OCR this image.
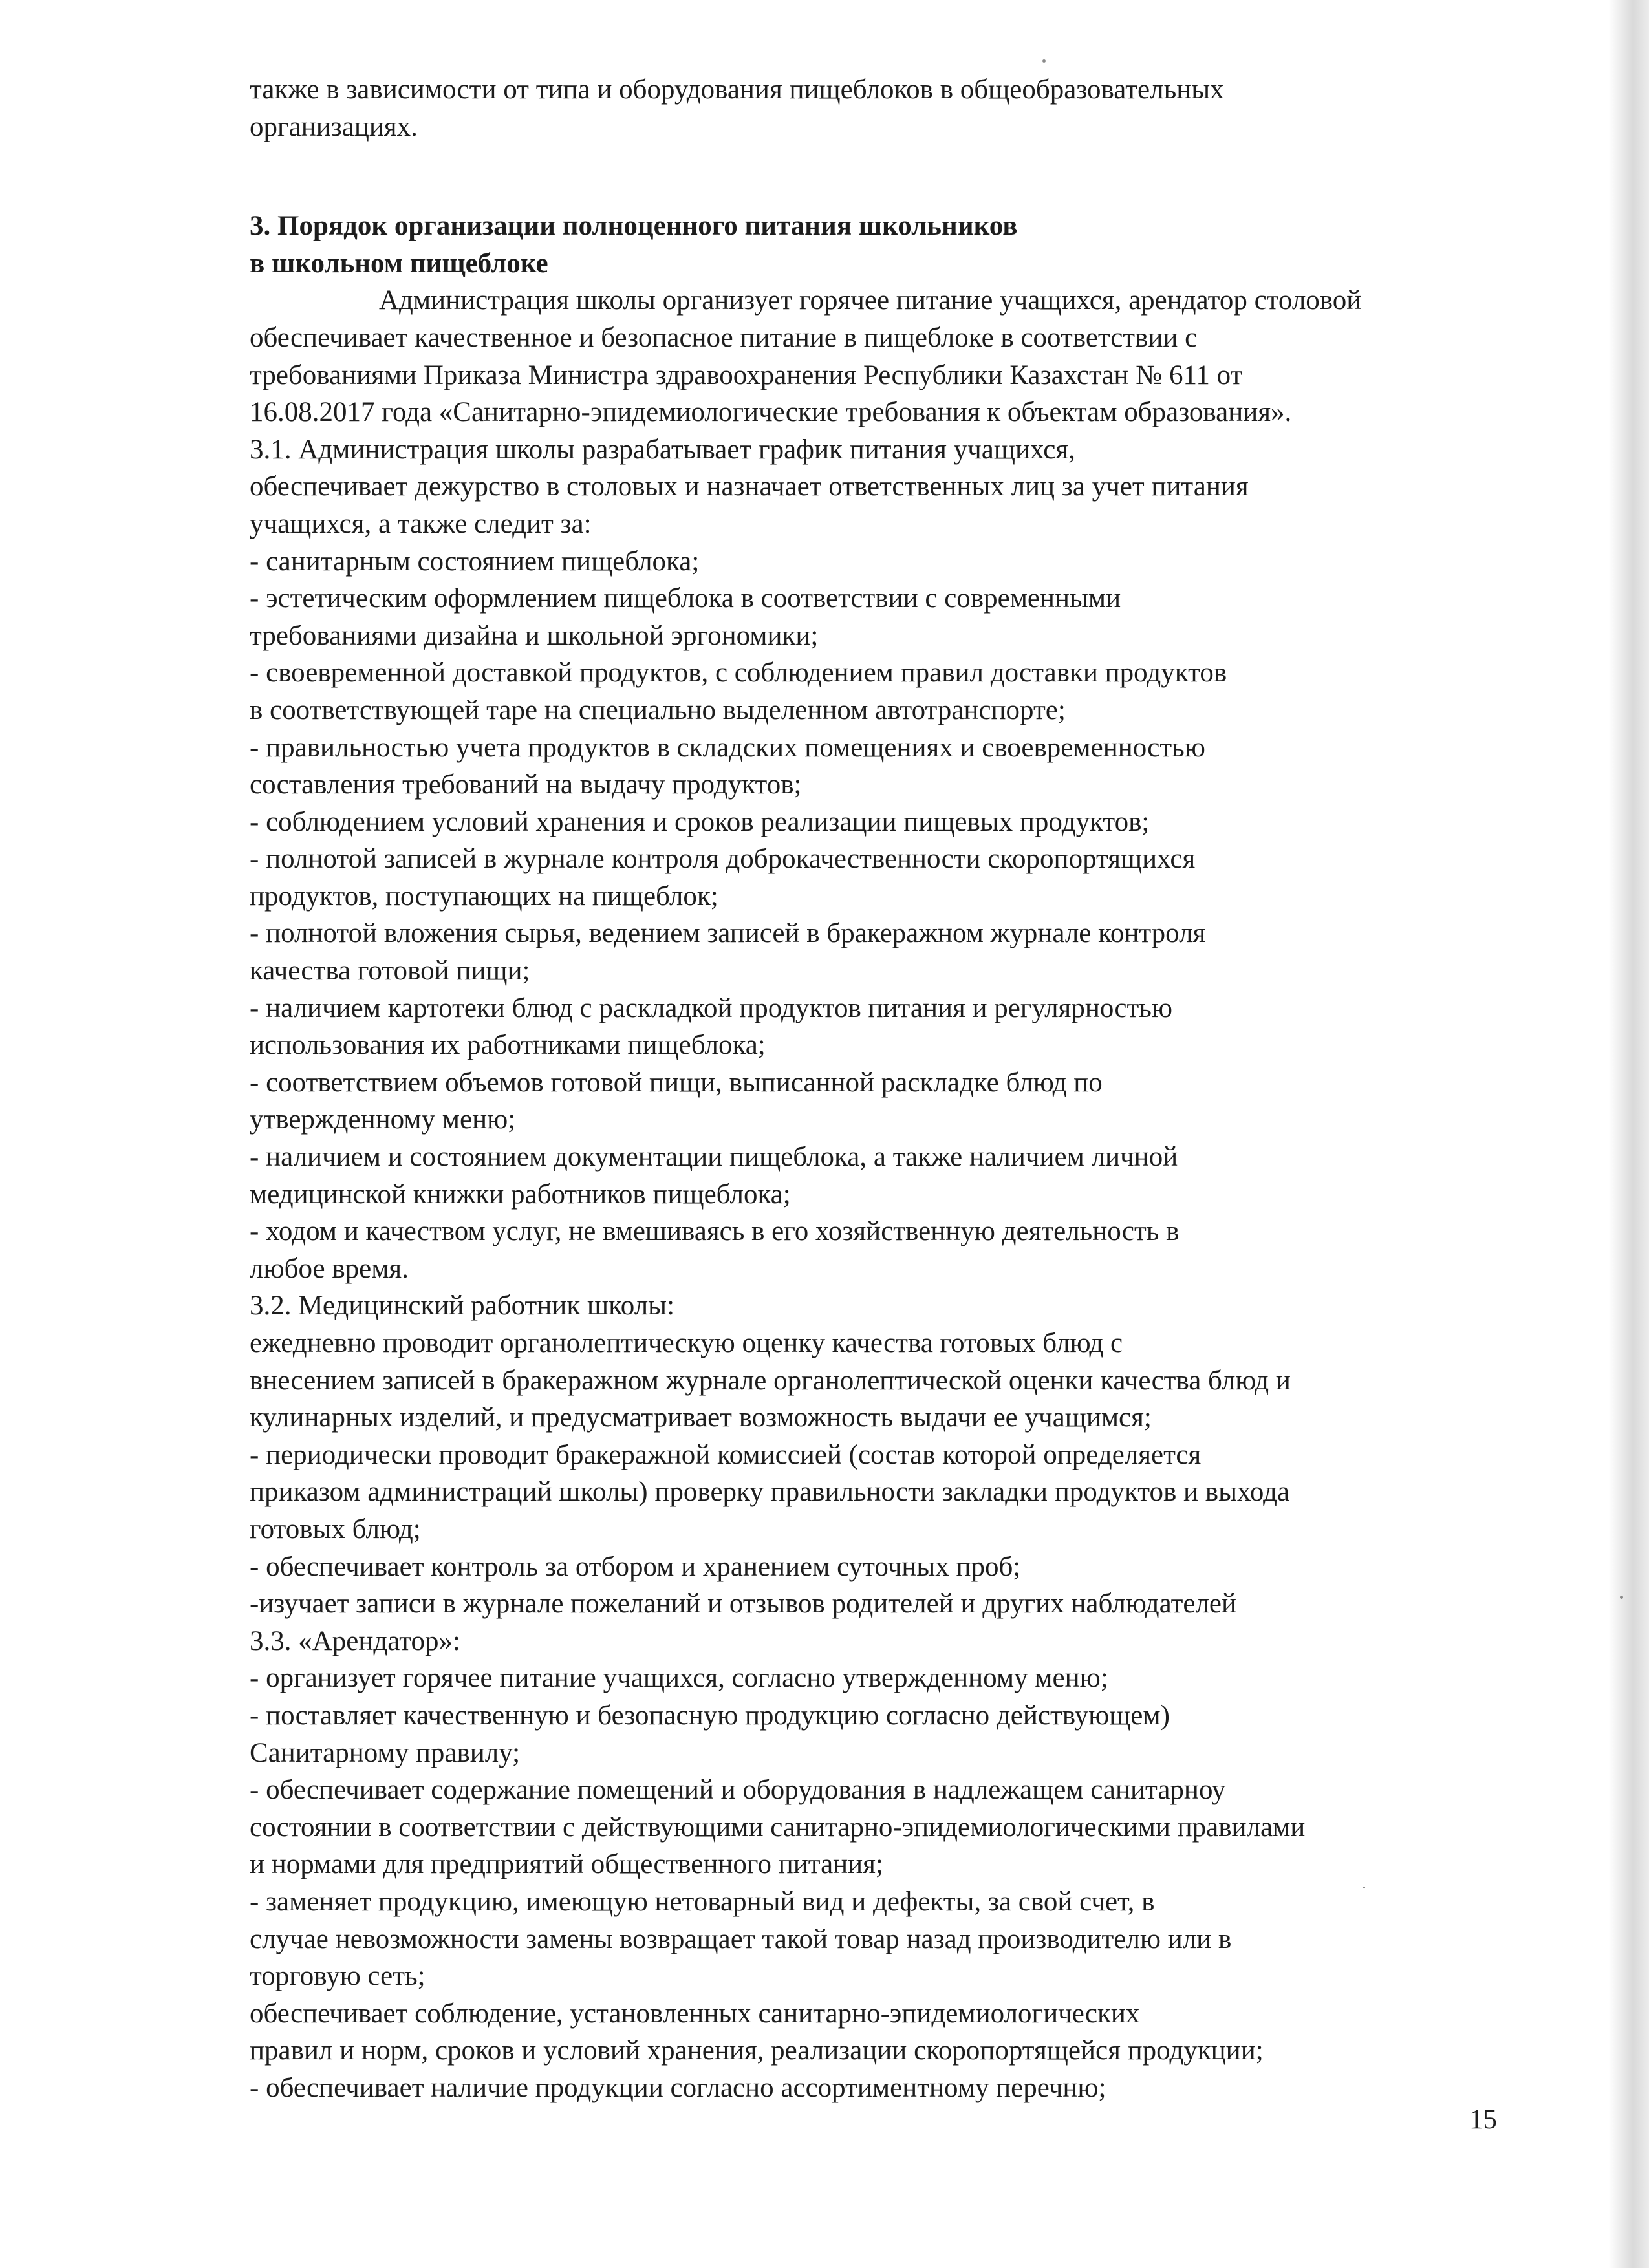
также в зависимости от типа и оборудования пищеблоков в общеобразовательных
организациях.
3. Порядок организации полноценного питания школьников
в школьном пищеблоке
Администрация школы организует горячее питание учащихся, арендатор столовой
обеспечивает качественное и безопасное питание в пищеблоке в соответствии с
требованиями Приказа Министра здравоохранения Республики Казахстан № 611 от
16.08.2017 года «Санитарно-эпидемиологические требования к объектам образования».
3.1. Администрация школы разрабатывает график питания учащихся,
обеспечивает дежурство в столовых и назначает ответственных лиц за учет питания
учащихся, а также следит за:
- санитарным состоянием пищеблока;
- эстетическим оформлением пищеблока в соответствии с современными
требованиями дизайна и школьной эргономики;
- своевременной доставкой продуктов, с соблюдением правил доставки продуктов
в соответствующей таре на специально выделенном автотранспорте;
- правильностью учета продуктов в складских помещениях и своевременностью
составления требований на выдачу продуктов;
- соблюдением условий хранения и сроков реализации пищевых продуктов;
- полнотой записей в журнале контроля доброкачественности скоропортящихся
продуктов, поступающих на пищеблок;
- полнотой вложения сырья, ведением записей в бракеражном журнале контроля
качества готовой пищи;
- наличием картотеки блюд с раскладкой продуктов питания и регулярностью
использования их работниками пищеблока;
- соответствием объемов готовой пищи, выписанной раскладке блюд по
утвержденному меню;
- наличием и состоянием документации пищеблока, а также наличием личной
медицинской книжки работников пищеблока;
- ходом и качеством услуг, не вмешиваясь в его хозяйственную деятельность в
любое время.
3.2. Медицинский работник школы:
ежедневно проводит органолептическую оценку качества готовых блюд с
внесением записей в бракеражном журнале органолептической оценки качества блюд и
кулинарных изделий, и предусматривает возможность выдачи ее учащимся;
- периодически проводит бракеражной комиссией (состав которой определяется
приказом администраций школы) проверку правильности закладки продуктов и выхода
готовых блюд;
- обеспечивает контроль за отбором и хранением суточных проб;
-изучает записи в журнале пожеланий и отзывов родителей и других наблюдателей
3.3. «Арендатор»:
- организует горячее питание учащихся, согласно утвержденному меню;
- поставляет качественную и безопасную продукцию согласно действующем)
Санитарному правилу;
- обеспечивает содержание помещений и оборудования в надлежащем санитарноу
состоянии в соответствии с действующими санитарно-эпидемиологическими правилами
и нормами для предприятий общественного питания;
- заменяет продукцию, имеющую нетоварный вид и дефекты, за свой счет, в
случае невозможности замены возвращает такой товар назад производителю или в
торговую сеть;
обеспечивает соблюдение, установленных санитарно-эпидемиологических
правил и норм, сроков и условий хранения, реализации скоропортящейся продукции;
- обеспечивает наличие продукции согласно ассортиментному перечню;
15
